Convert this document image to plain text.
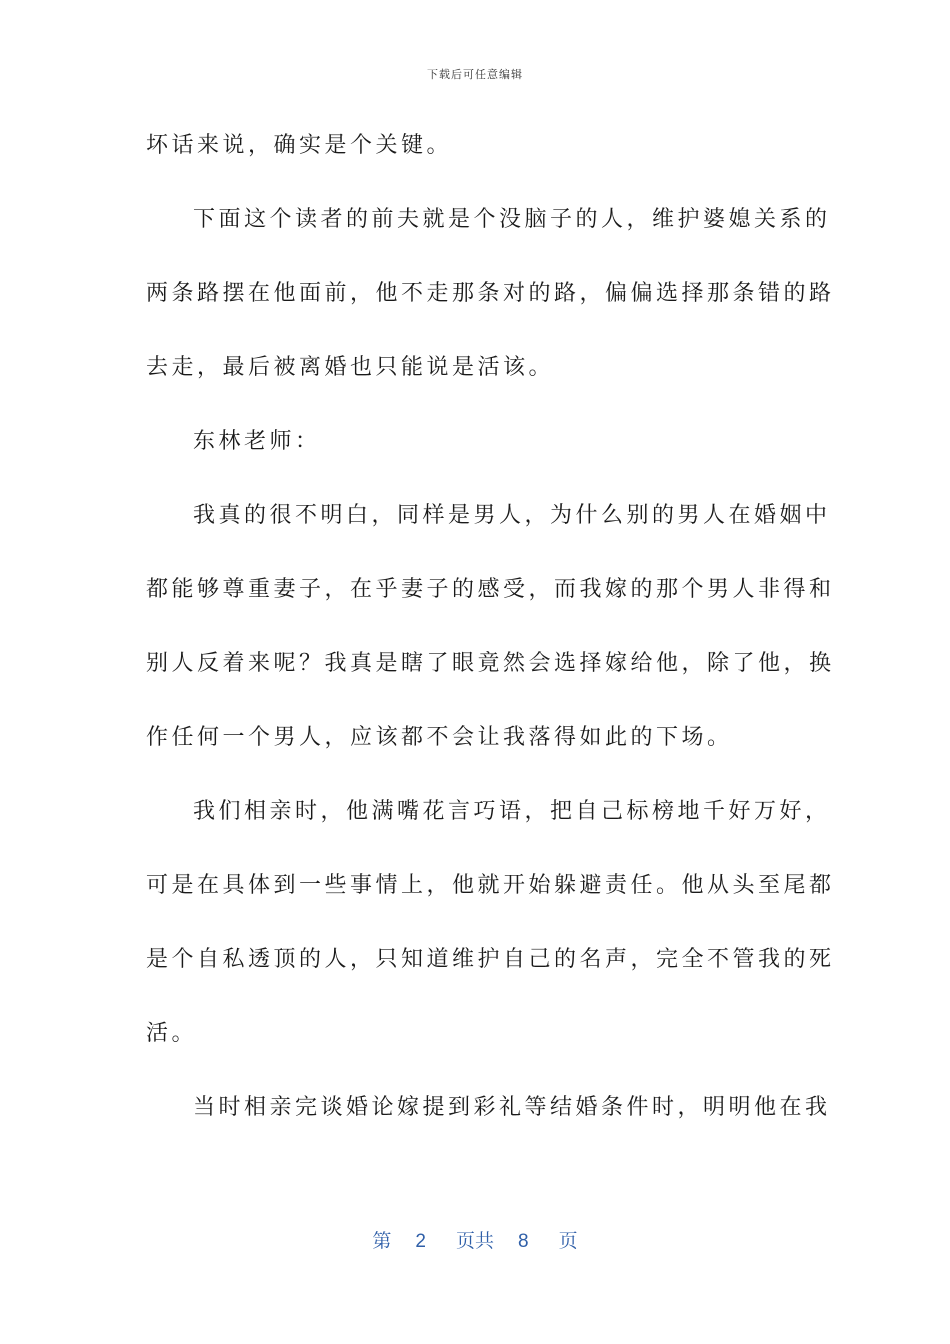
下载后可任意编辑
坏话来说，确实是个关键。
下面这个读者的前夫就是个没脑子的人，维护婆媳关系的
两条路摆在他面前，他不走那条对的路，偏偏选择那条错的路
去走，最后被离婚也只能说是活该。
东林老师：
我真的很不明白，同样是男人，为什么别的男人在婚姻中
都能够尊重妻子，在乎妻子的感受，而我嫁的那个男人非得和
别人反着来呢？我真是瞎了眼竟然会选择嫁给他，除了他，换
作任何一个男人，应该都不会让我落得如此的下场。
我们相亲时，他满嘴花言巧语，把自己标榜地千好万好，
可是在具体到一些事情上，他就开始躲避责任。他从头至尾都
是个自私透顶的人，只知道维护自己的名声，完全不管我的死
活。
当时相亲完谈婚论嫁提到彩礼等结婚条件时，明明他在我
第 2 页共 8 页
